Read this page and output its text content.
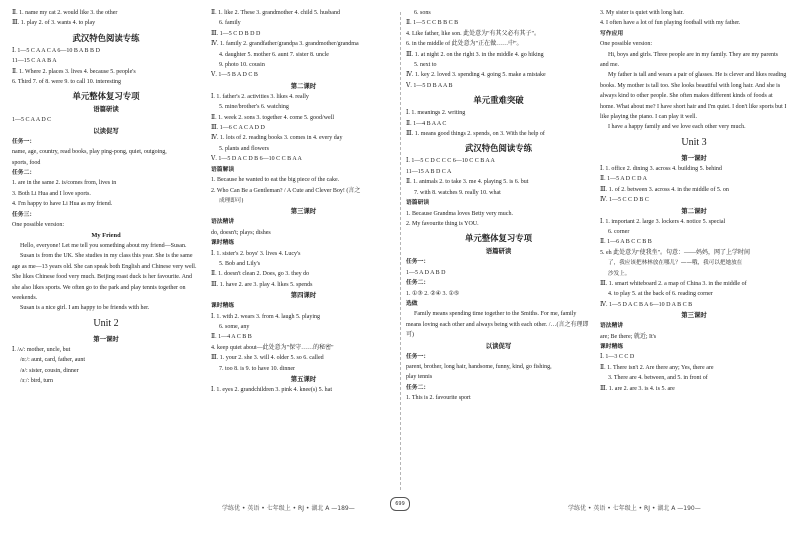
Ⅱ. 1. name my cat 2. would like 3. the other
Ⅲ. 1. play 2. of 3. wants 4. to play
武汉特色阅读专练
Ⅰ. 1—5 C A A C A 6—10 B A B B D
11—15 C A A B A
Ⅱ. 1. Where 2. places 3. lives 4. because 5. people's
6. Third 7. of 8. were 9. to call 10. interesting
单元整体复习专项
语篇研读
1—5 C A A D C
以读促写
任务一：
name, age, country, read books, play ping-pong, quiet, outgoing,
sports, food
任务二：
1. are in the same 2. is/comes from, lives in
3. Both Li Hua and I love sports.
4. I'm happy to have Li Hua as my friend.
任务三：
One possible version:
My Friend
Hello, everyone! Let me tell you something about my friend—Susan.
Susan is from the UK. She studies in my class this year. She is the same age as me—13 years old. She can speak both English and Chinese very well. She likes Chinese food very much. Beijing roast duck is her favourite. And she also likes sports. We often go to the park and play tennis together on weekends.
Susan is a nice girl. I am happy to be friends with her.
Unit 2
第一课时
Ⅰ. /ʌ/: mother, uncle, but
/ɑː/: aunt, card, father, aunt
/ə/: sister, cousin, dinner
/ɜː/: bird, turn
Ⅱ. 1. like 2. These 3. grandmother 4. child 5. husband
6. family
Ⅲ. 1—5 C D B D D
Ⅳ. 1. family 2. grandfather/grandpa 3. grandmother/grandma
4. daughter 5. mother 6. aunt 7. sister 8. uncle
9. photo 10. cousin
Ⅴ. 1—5 B A D C B
第二课时
Ⅰ. 1. father's 2. activities 3. likes 4. really
5. mine/brother's 6. watching
Ⅱ. 1. week 2. sons 3. together 4. come 5. good/well
Ⅲ. 1—6 C A C A D D
Ⅳ. 1. lots of 2. reading books 3. comes in 4. every day
5. plants and flowers
Ⅴ. 1—5 D A C D B 6—10 C C B A A
语篇解读
1. Because he wanted to eat the big piece of the cake.
2. Who Can Be a Gentleman? / A Cute and Clever Boy! (言之
成理即可)
第三课时
语法精讲
do, doesn't; plays; dishes
课时精练
Ⅰ. 1. sister's 2. boys' 3. lives 4. Lucy's
5. Bob and Lily's
Ⅱ. 1. doesn't clean 2. Does, go 3. they do
Ⅲ. 1. have 2. are 3. play 4. likes 5. spends
第四课时
课时精练
Ⅰ. 1. with 2. wears 3. from 4. laugh 5. playing
6. some, any
Ⅱ. 1—4 A C B B
4. keep quiet about—此处意为"保守……的秘密"
Ⅲ. 1. your 2. she 3. will 4. older 5. so 6. called
7. too 8. is 9. to have 10. dinner
第五课时
Ⅰ. 1. eyes 2. grandchildren 3. pink 4. knee(s) 5. hat
6. sons
Ⅱ. 1—5 C C B B C B
4. Like father, like son. 此处意为"有其父必有其子"。
6. in the middle of 此处意为"正在做……中"。
Ⅲ. 1. at night 2. on the right 3. in the middle 4. go hiking
5. next to
Ⅳ. 1. key 2. loved 3. spending 4. going 5. make a mistake
Ⅴ. 1—5 D B A A B
单元重难突破
Ⅰ. 1. meanings 2. writing
Ⅱ. 1—4 B A A C
Ⅲ. 1. means good things 2. spends, on 3. With the help of
武汉特色阅读专练
Ⅰ. 1—5 C D C C C 6—10 C C B A A
11—15 A B D C A
Ⅱ. 1. animals 2. to take 3. me 4. playing 5. is 6. but
7. with 8. watches 9. really 10. what
语篇研读
1. Because Grandma loves Betty very much.
2. My favourite thing is YOU.
单元整体复习专项
语篇研读
任务一：
1—5 A D A B D
任务二：
1. ①③ 2. ②④ 3. ①⑤
选做
Family means spending time together to the Smiths. For me, family means loving each other and always being with each other. /…(言之有理即可)
以读促写
任务一：
parent, brother, long hair, handsome, funny, kind, go fishing,
play tennis
任务二：
1. This is 2. favourite sport
3. My sister is quiet with long hair.
4. I often have a lot of fun playing football with my father.
写作应用
One possible version:
Hi, boys and girls. Three people are in my family. They are my parents and me.
My father is tall and wears a pair of glasses. He is clever and likes reading books. My mother is tall too. She looks beautiful with long hair. And she is always kind to other people. She often makes different kinds of foods at home. What about me? I have short hair and I'm quiet. I don't like sports but I like playing the piano. I can play it well.
I have a happy family and we love each other very much.
Unit 3
第一课时
Ⅰ. 1. office 2. dining 3. across 4. building 5. behind
Ⅱ. 1—5 A D C D A
Ⅲ. 1. of 2. between 3. across 4. in the middle of 5. on
Ⅳ. 1—5 C C D B C
第二课时
Ⅰ. 1. important 2. large 3. lockers 4. notice 5. special
6. corner
Ⅱ. 1—6 A B C C B B
5. eh 此处意为"使我坐"。句意：——妈妈，网了上学时间
了，我应该把林林放在哪儿？——哦，我可以把她放在
沙发上。
Ⅲ. 1. smart whiteboard 2. a map of China 3. in the middle of
4. to play 5. at the back of 6. reading corner
Ⅳ. 1—5 D A C B A 6—10 D A B C B
第三课时
语法精讲
are; Be there; 就近; It's
课时精练
Ⅰ. 1—3 C C D
Ⅱ. 1. There isn't 2. Are there any; Yes, there are
3. There are 4. between, and 5. in front of
Ⅲ. 1. are 2. are 3. is 4. is 5. are
学练优 • 英语 • 七年级上 • RJ • 湖北 A —189—
699
学练优 • 英语 • 七年级上 • RJ • 湖北 A —190—
